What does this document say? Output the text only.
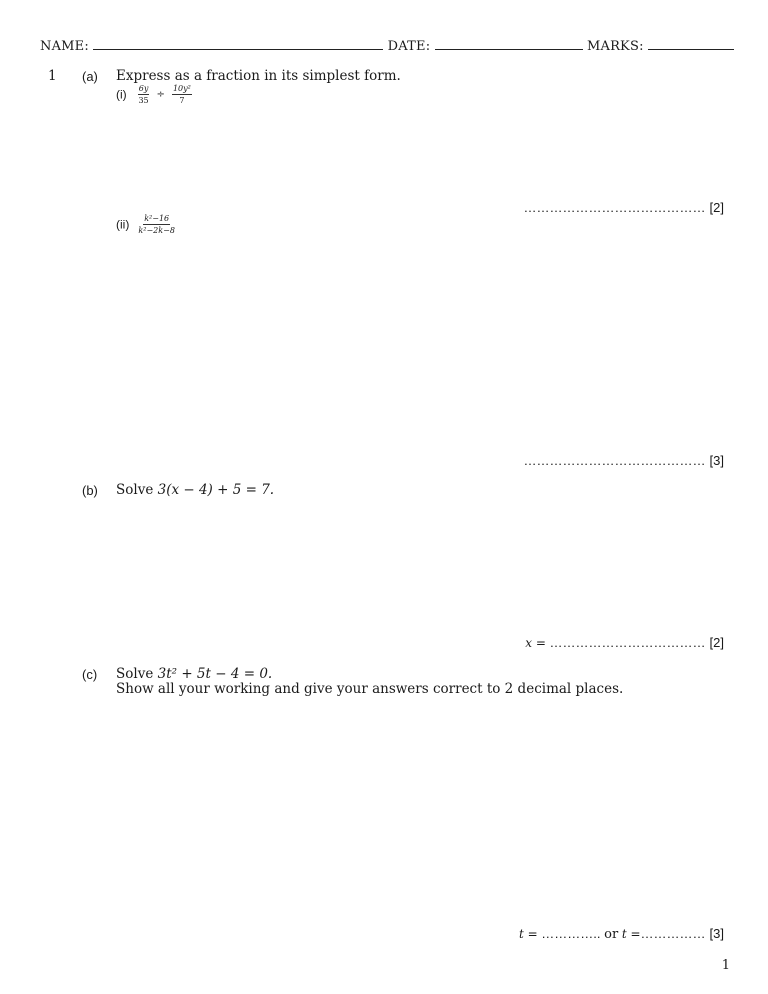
NAME:	DATE:	MARKS:
1 (a) Express as a fraction in its simplest form.
$(i) \frac{6y}{35} \div \frac{\text{10y²}}{7}$
…………………………………… [2]
$(ii) \frac{\text{k²−16}}{\text{k²−2k−8}}$
…………………………………… [3]
(b) Solve 3(x − 4) + 5 = 7.
x = ……………………………… [2]
(c) Solve 3t² + 5t − 4 = 0.
Show all your working and give your answers correct to 2 decimal places.
t = ………….. or t =…………… [3]
1
